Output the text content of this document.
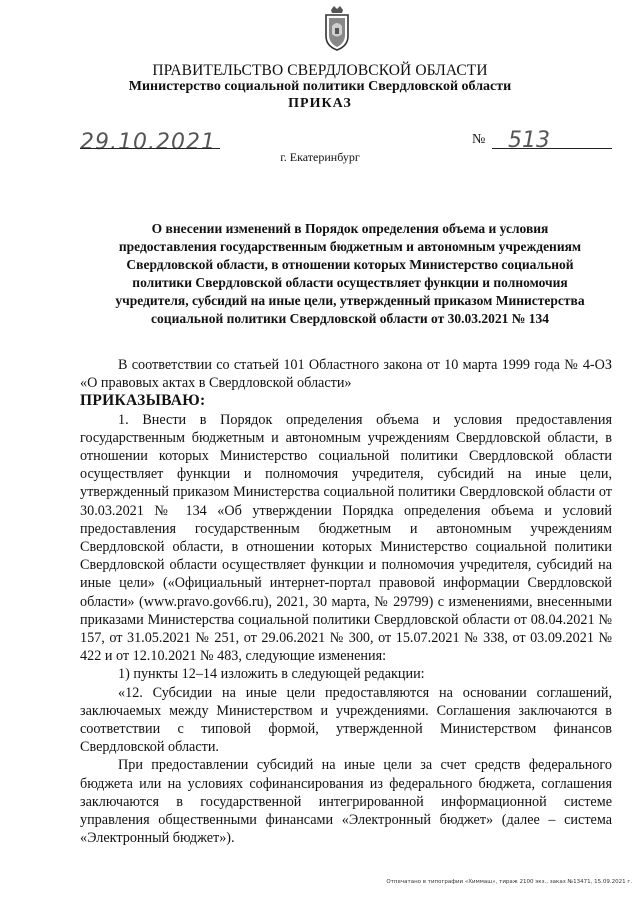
ПРАВИТЕЛЬСТВО СВЕРДЛОВСКОЙ ОБЛАСТИ
Министерство социальной политики Свердловской области
ПРИКАЗ
29.10.2021	№ 513
г. Екатеринбург
О внесении изменений в Порядок определения объема и условия
предоставления государственным бюджетным и автономным учреждениям
Свердловской области, в отношении которых Министерство социальной
политики Свердловской области осуществляет функции и полномочия
учредителя, субсидий на иные цели, утвержденный приказом Министерства
социальной политики Свердловской области от 30.03.2021 № 134

В соответствии со статьей 101 Областного закона от 10 марта 1999 года № 4-ОЗ «О правовых актах в Свердловской области»

ПРИКАЗЫВАЮ:

1. Внести в Порядок определения объема и условия предоставления государственным бюджетным и автономным учреждениям Свердловской области, в отношении которых Министерство социальной политики Свердловской области осуществляет функции и полномочия учредителя, субсидий на иные цели, утвержденный приказом Министерства социальной политики Свердловской области от 30.03.2021 № 134 «Об утверждении Порядка определения объема и условий предоставления государственным бюджетным и автономным учреждениям Свердловской области, в отношении которых Министерство социальной политики Свердловской области осуществляет функции и полномочия учредителя, субсидий на иные цели» («Официальный интернет-портал правовой информации Свердловской области» (www.pravo.gov66.ru), 2021, 30 марта, № 29799) с изменениями, внесенными приказами Министерства социальной политики Свердловской области от 08.04.2021 № 157, от 31.05.2021 № 251, от 29.06.2021 № 300, от 15.07.2021 № 338, от 03.09.2021 № 422 и от 12.10.2021 № 483, следующие изменения:

1) пункты 12–14 изложить в следующей редакции:

«12. Субсидии на иные цели предоставляются на основании соглашений, заключаемых между Министерством и учреждениями. Соглашения заключаются в соответствии с типовой формой, утвержденной Министерством финансов Свердловской области.

При предоставлении субсидий на иные цели за счет средств федерального бюджета или на условиях софинансирования из федерального бюджета, соглашения заключаются в государственной интегрированной информационной системе управления общественными финансами «Электронный бюджет» (далее – система «Электронный бюджет»).

Отпечатано в типографии «Химмаш», тираж 2100 экз., заказ №13471, 15.09.2021 г.
